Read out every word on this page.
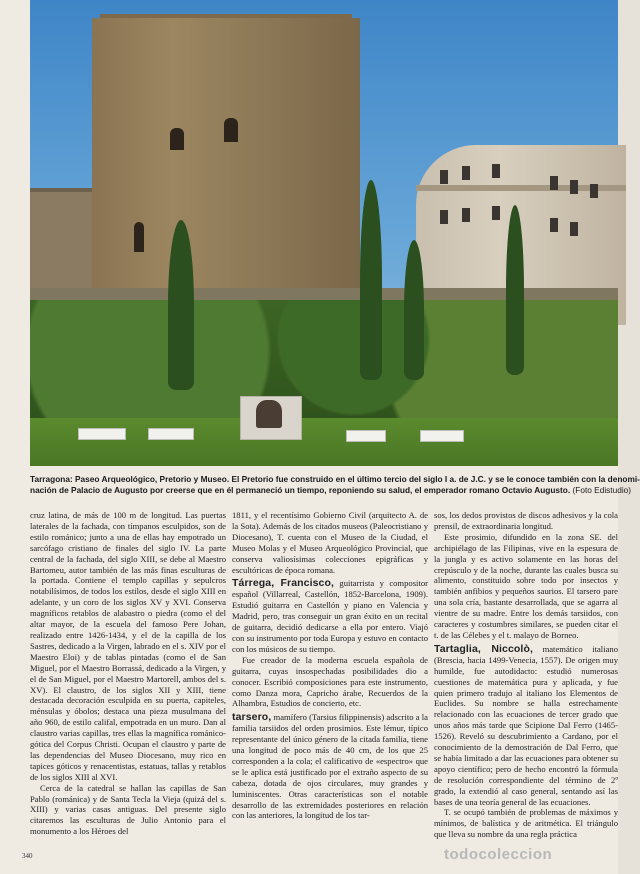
Tarragona: Paseo Arqueológico, Pretorio y Museo. El Pretorio fue construido en el último tercio del siglo I a. de J.C. y se le conoce también con la denomi-
nación de Palacio de Augusto por creerse que en él permaneció un tiempo, reponiendo su salud, el emperador romano Octavio Augusto. (Foto Edistudio)

cruz latina, de más de 100 m de longitud. Las puertas laterales de la fachada, con tímpanos esculpidos, son de estilo románico; junto a una de ellas hay empotrado un sarcófago cristiano de finales del siglo IV. La parte central de la fachada, del siglo XIII, se debe al Maestro Bartomeu, autor también de las más finas esculturas de la portada. Contiene el templo capillas y sepulcros notabilísimos, de todos los estilos, desde el siglo XIII en adelante, y un coro de los siglos XV y XVI. Conserva magníficos retablos de alabastro o piedra (como el del altar mayor, de la escuela del famoso Pere Johan, realizado entre 1426-1434, y el de la capilla de los Sastres, dedicado a la Virgen, labrado en el s. XIV por el Maestro Eloi) y de tablas pintadas (como el de San Miguel, por el Maestro Borrassá, dedicado a la Virgen, y el de San Miguel, por el Maestro Martorell, ambos del s. XV). El claustro, de los siglos XII y XIII, tiene destacada decoración esculpida en su puerta, capiteles, ménsulas y óbolos; destaca una pieza musulmana del año 960, de estilo califal, empotrada en un muro. Dan al claustro varias capillas, tres ellas la magnífica románico-gótica del Corpus Christi. Ocupan el claustro y parte de las dependencias del Museo Diocesano, muy rico en tapices góticos y renacentistas, estatuas, tallas y retablos de los siglos XIII al XVI.

Cerca de la catedral se hallan las capillas de San Pablo (románica) y de Santa Tecla la Vieja (quizá del s. XIII) y varias casas antiguas. Del presente siglo citaremos las esculturas de Julio Antonio para el monumento a los Héroes del

1811, y el recentísimo Gobierno Civil (arquitecto A. de la Sota). Además de los citados museos (Paleocristiano y Diocesano), T. cuenta con el Museo de la Ciudad, el Museo Molas y el Museo Arqueológico Provincial, que conserva valiosísimas colecciones epigráficas y escultóricas de época romana.

Tárrega, Francisco, guitarrista y compositor español (Villarreal, Castellón, 1852-Barcelona, 1909). Estudió guitarra en Castellón y piano en Valencia y Madrid, pero, tras conseguir un gran éxito en un recital de guitarra, decidió dedicarse a ella por entero. Viajó con su instrumento por toda Europa y estuvo en contacto con los músicos de su tiempo.

Fue creador de la moderna escuela española de guitarra, cuyas insospechadas posibilidades dio a conocer. Escribió composiciones para este instrumento, como Danza mora, Capricho árabe, Recuerdos de la Alhambra, Estudios de concierto, etc.

tarsero, mamífero (Tarsius filippinensis) adscrito a la familia tarsiidos del orden prosimios. Este lémur, típico representante del único género de la citada familia, tiene una longitud de poco más de 40 cm, de los que 25 corresponden a la cola; el calificativo de «espectro» que se le aplica está justificado por el extraño aspecto de su cabeza, dotada de ojos circulares, muy grandes y luminiscentes. Otras características son el notable desarrollo de las extremidades posteriores en relación con las anteriores, la longitud de los tar-

sos, los dedos provistos de discos adhesivos y la cola prensil, de extraordinaria longitud.

Este prosimio, difundido en la zona SE. del archipiélago de las Filipinas, vive en la espesura de la jungla y es activo solamente en las horas del crepúsculo y de la noche, durante las cuales busca su alimento, constituido sobre todo por insectos y también anfibios y pequeños saurios. El tarsero pare una sola cría, bastante desarrollada, que se agarra al vientre de su madre. Entre los demás tarsiidos, con caracteres y costumbres similares, se pueden citar el t. de las Célebes y el t. malayo de Borneo.

Tartaglia, Niccolò, matemático italiano (Brescia, hacia 1499-Venecia, 1557). De origen muy humilde, fue autodidacto: estudió numerosas cuestiones de matemática pura y aplicada, y fue quien primero tradujo al italiano los Elementos de Euclides. Su nombre se halla estrechamente relacionado con las ecuaciones de tercer grado que unos años más tarde que Scipione Dal Ferro (1465-1526). Reveló su descubrimiento a Cardano, por el conocimiento de la demostración de Dal Ferro, que se había limitado a dar las ecuaciones para obtener su apoyo científico; pero de hecho encontró la fórmula de resolución correspondiente del término de 2º grado, la extendió al caso general, sentando así las bases de una teoría general de las ecuaciones.

T. se ocupó también de problemas de máximos y mínimos, de balística y de aritmética. El triángulo que lleva su nombre da una regla práctica

340	todocoleccion
